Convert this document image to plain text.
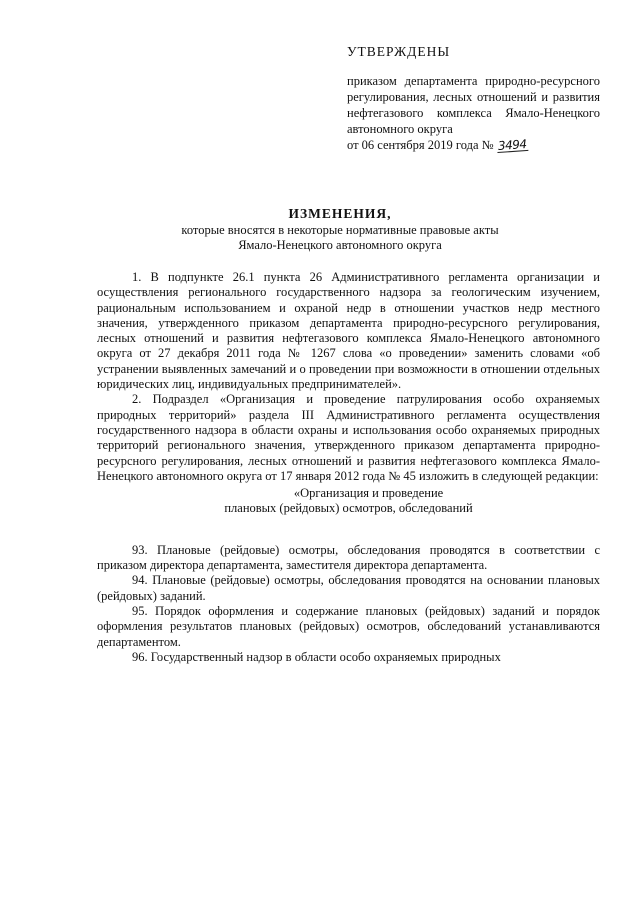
УТВЕРЖДЕНЫ
приказом департамента природно-ресурсного регулирования, лесных отношений и развития нефтегазового комплекса Ямало-Ненецкого автономного округа
от 06 сентября 2019 года № 3494
ИЗМЕНЕНИЯ,
которые вносятся в некоторые нормативные правовые акты
Ямало-Ненецкого автономного округа

1. В подпункте 26.1 пункта 26 Административного регламента организации и осуществления регионального государственного надзора за геологическим изучением, рациональным использованием и охраной недр в отношении участков недр местного значения, утвержденного приказом департамента природно-ресурсного регулирования, лесных отношений и развития нефтегазового комплекса Ямало-Ненецкого автономного округа от 27 декабря 2011 года № 1267 слова «о проведении» заменить словами «об устранении выявленных замечаний и о проведении при возможности в отношении отдельных юридических лиц, индивидуальных предпринимателей».

2. Подраздел «Организация и проведение патрулирования особо охраняемых природных территорий» раздела III Административного регламента осуществления государственного надзора в области охраны и использования особо охраняемых природных территорий регионального значения, утвержденного приказом департамента природно-ресурсного регулирования, лесных отношений и развития нефтегазового комплекса Ямало-Ненецкого автономного округа от 17 января 2012 года № 45 изложить в следующей редакции:

«Организация и проведение
плановых (рейдовых) осмотров, обследований

93. Плановые (рейдовые) осмотры, обследования проводятся в соответствии с приказом директора департамента, заместителя директора департамента.

94. Плановые (рейдовые) осмотры, обследования проводятся на основании плановых (рейдовых) заданий.

95. Порядок оформления и содержание плановых (рейдовых) заданий и порядок оформления результатов плановых (рейдовых) осмотров, обследований устанавливаются департаментом.

96. Государственный надзор в области особо охраняемых природных
